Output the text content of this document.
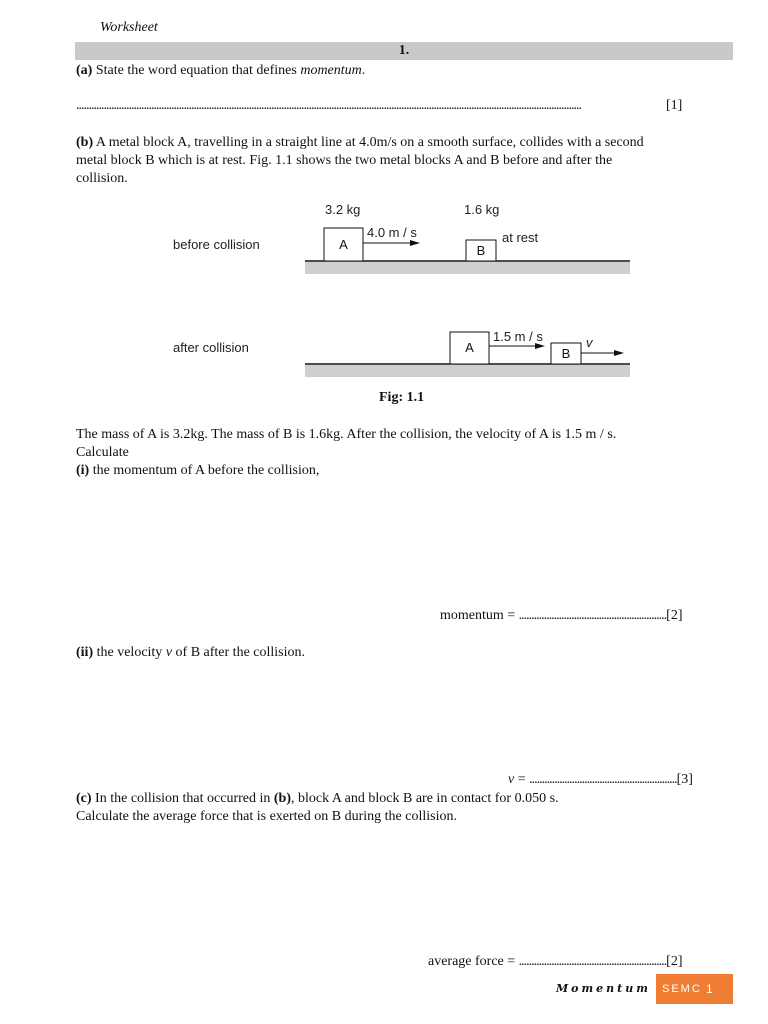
Worksheet
1.
(a) State the word equation that defines momentum.
..........................................................................................................................................................................................................	[1]
(b) A metal block A, travelling in a straight line at 4.0m/s on a smooth surface, collides with a second
metal block B which is at rest. Fig. 1.1 shows the two metal blocks A and B before and after the
collision.
3.2 kg	1.6 kg
before collision	A
4.0 m / s
B
at rest
after collision	A
1.5 m / s
B
v
Fig: 1.1
The mass of A is 3.2kg. The mass of B is 1.6kg. After the collision, the velocity of A is 1.5 m / s.
Calculate
(i) the momentum of A before the collision,
momentum = ...........................................................[2]
(ii) the velocity v of B after the collision.
v = ...........................................................[3]
(c) In the collision that occurred in (b), block A and block B are in contact for 0.050 s.
Calculate the average force that is exerted on B during the collision.
average force = ...........................................................[2]
Momentum SEMC 1
